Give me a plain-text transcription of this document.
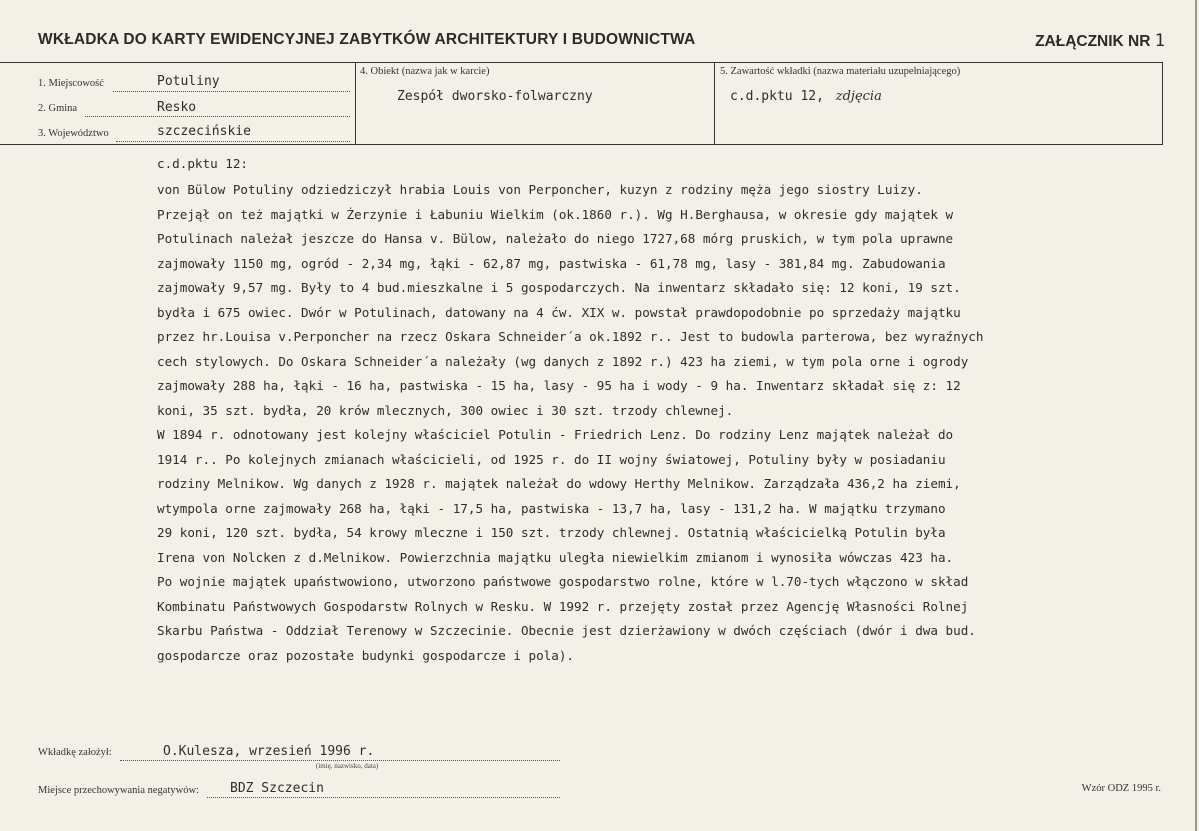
WKŁADKA DO KARTY EWIDENCYJNEJ ZABYTKÓW ARCHITEKTURY I BUDOWNICTWA	ZAŁĄCZNIK NR 1
1. Miejscowość	Potuliny
2. Gmina	Resko
3. Województwo	szczecińskie
4. Obiekt (nazwa jak w karcie)
Zespół dworsko-folwarczny
5. Zawartość wkładki (nazwa materiału uzupełniającego)
c.d.pktu 12, zdjęcia
c.d.pktu 12:
von Bülow Potuliny odziedziczył hrabia Louis von Perponcher, kuzyn z rodziny męża jego siostry Luizy.
Przejął on też majątki w Żerzynie i Łabuniu Wielkim (ok.1860 r.). Wg H.Berghausa, w okresie gdy majątek w
Potulinach należał jeszcze do Hansa v. Bülow, należało do niego 1727,68 mórg pruskich, w tym pola uprawne
zajmowały 1150 mg, ogród - 2,34 mg, łąki - 62,87 mg, pastwiska - 61,78 mg, lasy - 381,84 mg. Zabudowania
zajmowały 9,57 mg. Były to 4 bud.mieszkalne i 5 gospodarczych. Na inwentarz składało się: 12 koni, 19 szt.
bydła i 675 owiec. Dwór w Potulinach, datowany na 4 ćw. XIX w. powstał prawdopodobnie po sprzedaży majątku
przez hr.Louisa v.Perponcher na rzecz Oskara Schneider´a ok.1892 r.. Jest to budowla parterowa, bez wyraźnych
cech stylowych. Do Oskara Schneider´a należały (wg danych z 1892 r.) 423 ha ziemi, w tym pola orne i ogrody
zajmowały 288 ha, łąki - 16 ha, pastwiska - 15 ha, lasy - 95 ha i wody - 9 ha. Inwentarz składał się z: 12
koni, 35 szt. bydła, 20 krów mlecznych, 300 owiec i 30 szt. trzody chlewnej.
W 1894 r. odnotowany jest kolejny właściciel Potulin - Friedrich Lenz. Do rodziny Lenz majątek należał do
1914 r.. Po kolejnych zmianach właścicieli, od 1925 r. do II wojny światowej, Potuliny były w posiadaniu
rodziny Melnikow. Wg danych z 1928 r. majątek należał do wdowy Herthy Melnikow. Zarządzała 436,2 ha ziemi,
wtympola orne zajmowały 268 ha, łąki - 17,5 ha, pastwiska - 13,7 ha, lasy - 131,2 ha. W majątku trzymano
29 koni, 120 szt. bydła, 54 krowy mleczne i 150 szt. trzody chlewnej. Ostatnią właścicielką Potulin była
Irena von Nolcken z d.Melnikow. Powierzchnia majątku uległa niewielkim zmianom i wynosiła wówczas 423 ha.
Po wojnie majątek upaństwowiono, utworzono państwowe gospodarstwo rolne, które w l.70-tych włączono w skład
Kombinatu Państwowych Gospodarstw Rolnych w Resku. W 1992 r. przejęty został przez Agencję Własności Rolnej
Skarbu Państwa - Oddział Terenowy w Szczecinie. Obecnie jest dzierżawiony w dwóch częściach (dwór i dwa bud.
gospodarcze oraz pozostałe budynki gospodarcze i pola).
Wkładkę założył:	O.Kulesza, wrzesień 1996 r.
(imię, nazwisko, data)
Miejsce przechowywania negatywów: BDZ Szczecin	Wzór ODZ 1995 r.
